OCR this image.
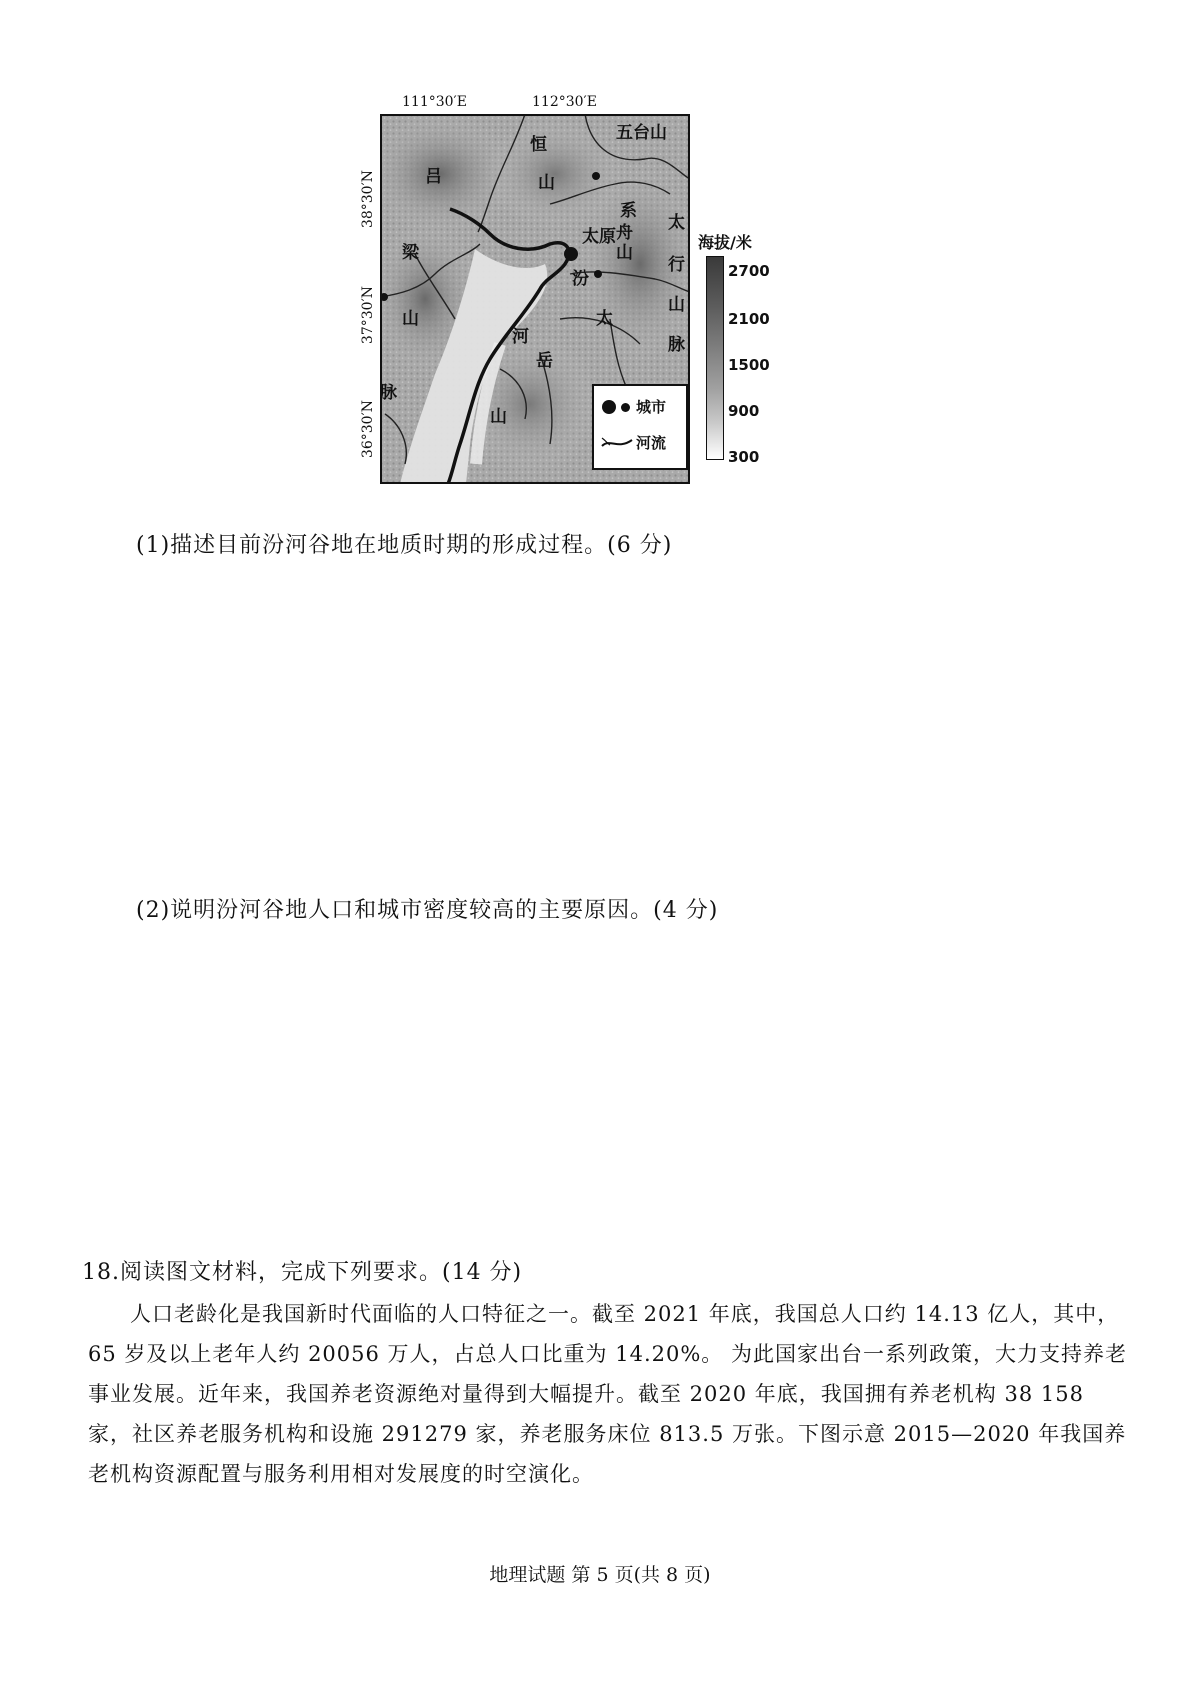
111°30′E	112°30′E
38°30′N
37°30′N
36°30′N
五台山
恒
山
吕
系
舟
山
太
行
山
脉
梁
山
脉
太原
汾
河
太
岳
山	城市
河流
海拔/米
2700
2100
1500
900
300
(1)描述目前汾河谷地在地质时期的形成过程。(6 分)
(2)说明汾河谷地人口和城市密度较高的主要原因。(4 分)
18.阅读图文材料，完成下列要求。(14 分)

人口老龄化是我国新时代面临的人口特征之一。截至 2021 年底，我国总人口约 14.13 亿人，其中，65 岁及以上老年人约 20056 万人，占总人口比重为 14.20%。 为此国家出台一系列政策，大力支持养老事业发展。近年来，我国养老资源绝对量得到大幅提升。截至 2020 年底，我国拥有养老机构 38 158 家，社区养老服务机构和设施 291279 家，养老服务床位 813.5 万张。下图示意 2015—2020 年我国养老机构资源配置与服务利用相对发展度的时空演化。

地理试题 第 5 页(共 8 页)
